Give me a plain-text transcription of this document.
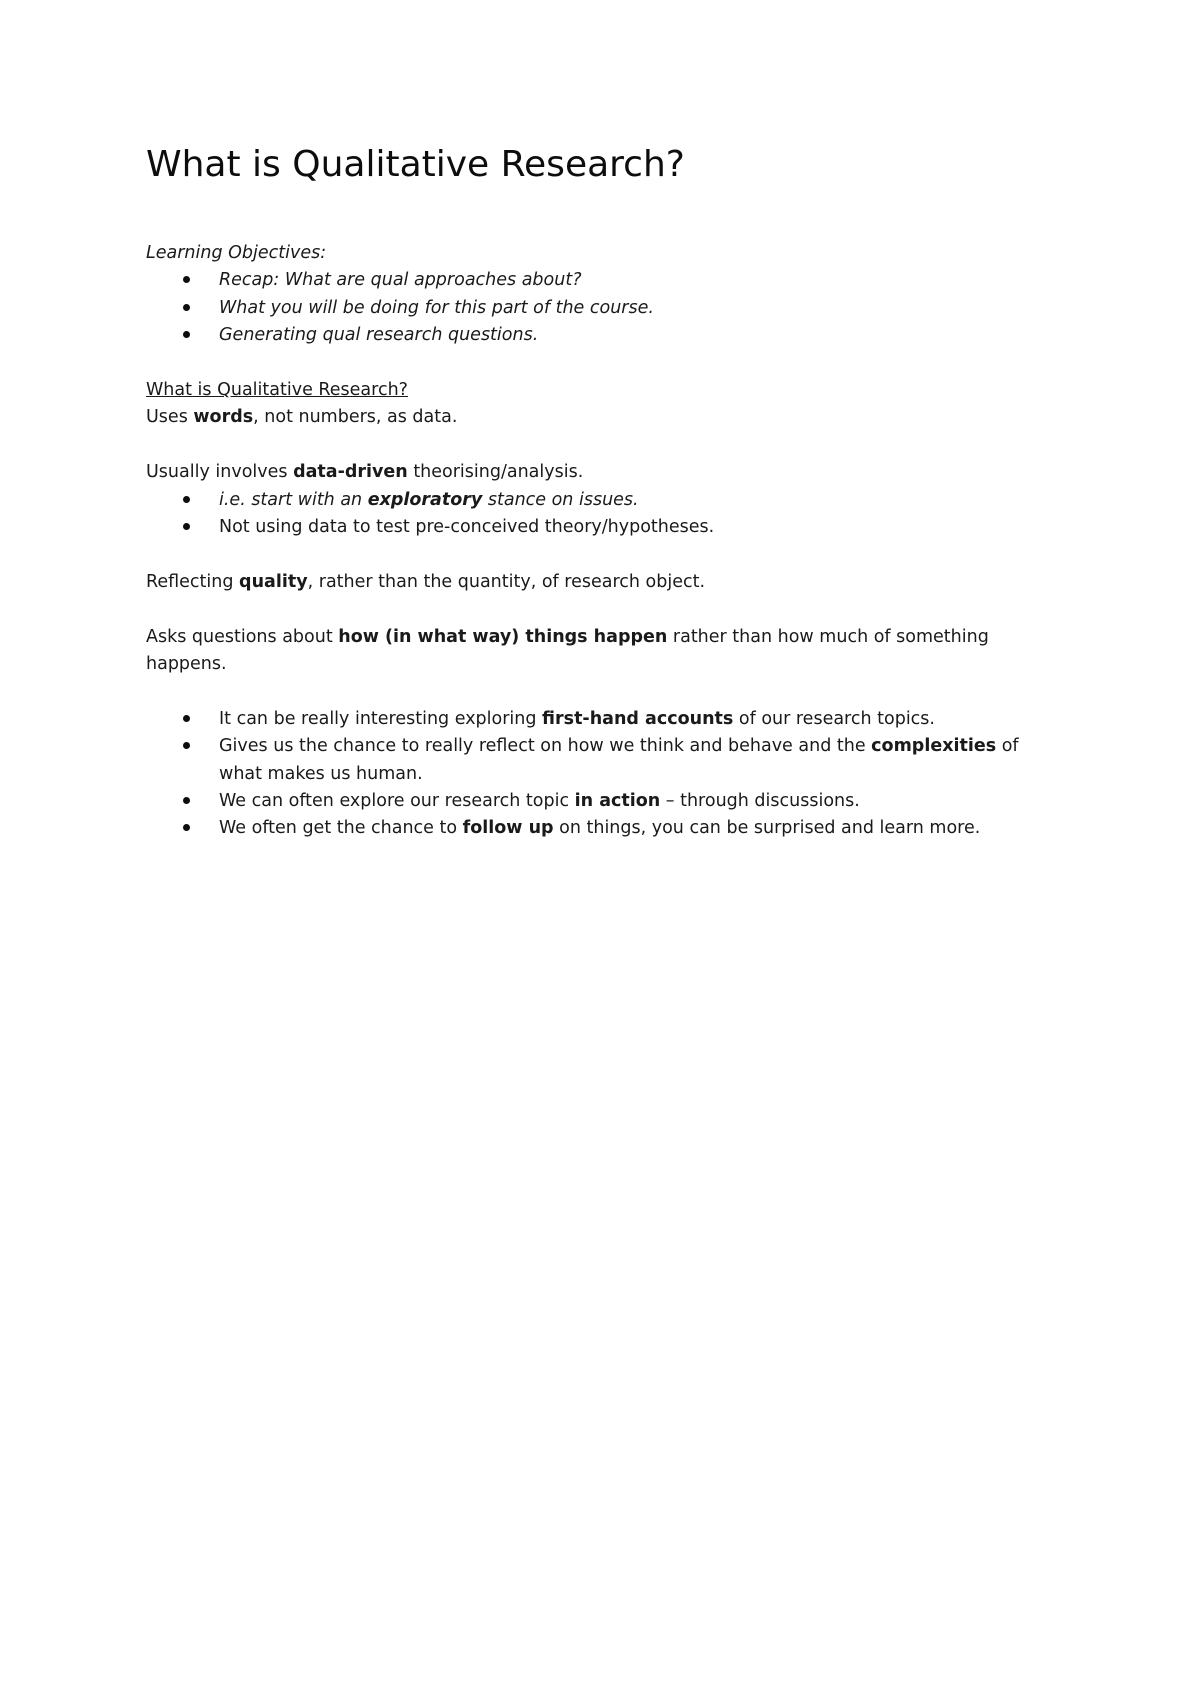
What is Qualitative Research?

Learning Objectives:

Recap: What are qual approaches about?
What you will be doing for this part of the course.
Generating qual research questions.

What is Qualitative Research?

Uses words, not numbers, as data.

Usually involves data-driven theorising/analysis.

i.e. start with an exploratory stance on issues.
Not using data to test pre-conceived theory/hypotheses.

Reflecting quality, rather than the quantity, of research object.

Asks questions about how (in what way) things happen rather than how much of something

happens.

It can be really interesting exploring first-hand accounts of our research topics.
Gives us the chance to really reflect on how we think and behave and the complexities of
what makes us human.
We can often explore our research topic in action – through discussions.
We often get the chance to follow up on things, you can be surprised and learn more.
